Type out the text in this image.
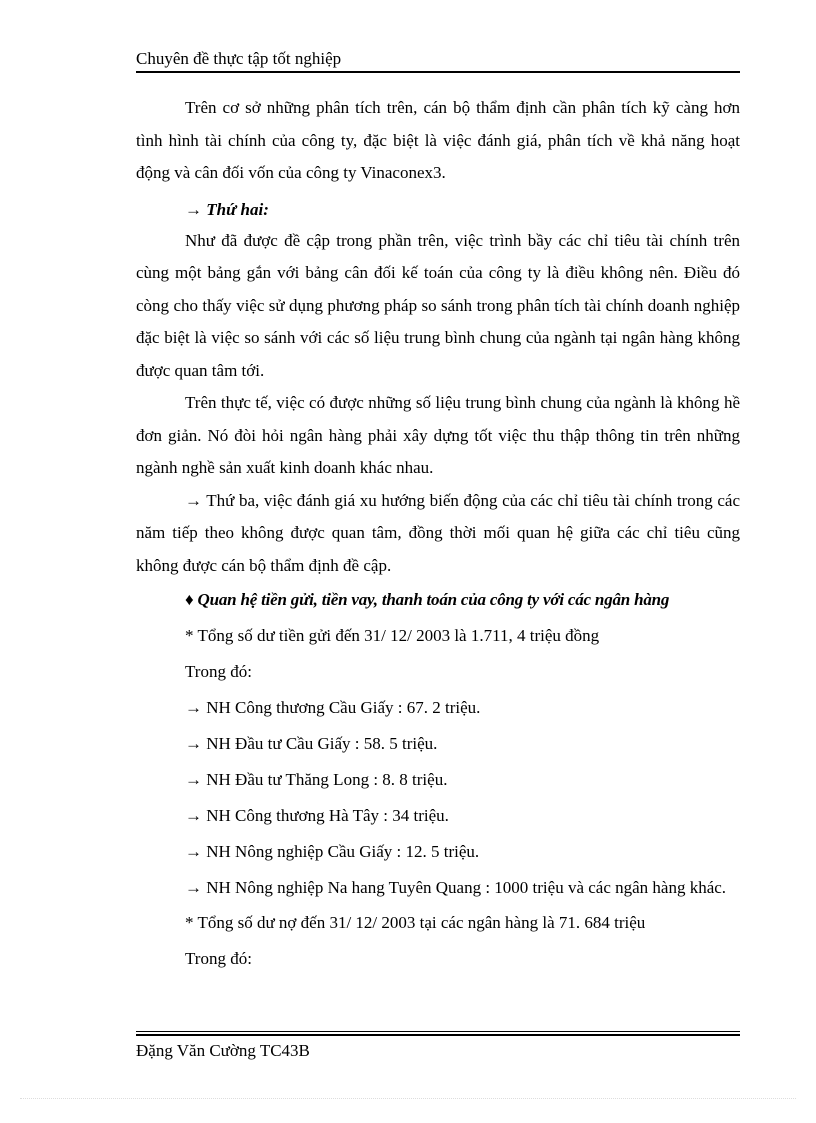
Chuyên đề thực tập tốt nghiệp

Trên cơ sở những phân tích trên, cán bộ thẩm định cần phân tích kỹ càng hơn tình hình tài chính của công ty, đặc biệt là việc đánh giá, phân tích về khả năng hoạt động và cân đối vốn của công ty Vinaconex3.

→ Thứ hai:

Như đã được đề cập trong phần trên, việc trình bầy các chỉ tiêu tài chính trên cùng một bảng gắn với bảng cân đối kế toán của công ty là điều không nên. Điều đó còng cho thấy việc sử dụng phương pháp so sánh trong phân tích tài chính doanh nghiệp đặc biệt là việc so sánh với các số liệu trung bình chung của ngành tại ngân hàng không được quan tâm tới.

Trên thực tế, việc có được những số liệu trung bình chung của ngành là không hề đơn giản. Nó đòi hỏi ngân hàng phải xây dựng tốt việc thu thập thông tin trên những ngành nghề sản xuất kinh doanh khác nhau.

→ Thứ ba, việc đánh giá xu hướng biến động của các chỉ tiêu tài chính trong các năm tiếp theo không được quan tâm, đồng thời mối quan hệ giữa các chỉ tiêu cũng không được cán bộ thẩm định đề cập.

♦ Quan hệ tiền gửi, tiền vay, thanh toán của công ty với các ngân hàng

* Tổng số dư tiền gửi đến 31/ 12/ 2003 là 1.711, 4 triệu đồng

Trong đó:

→ NH Công thương Cầu Giấy : 67. 2 triệu.

→ NH Đầu tư Cầu Giấy : 58. 5 triệu.

→ NH Đầu tư Thăng Long : 8. 8 triệu.

→ NH Công thương Hà Tây : 34 triệu.

→ NH Nông nghiệp Cầu Giấy : 12. 5 triệu.

→ NH Nông nghiệp Na hang Tuyên Quang : 1000 triệu và các ngân hàng khác.

* Tổng số dư nợ đến 31/ 12/ 2003 tại các ngân hàng là 71. 684 triệu

Trong đó:

Đặng Văn Cường TC43B
